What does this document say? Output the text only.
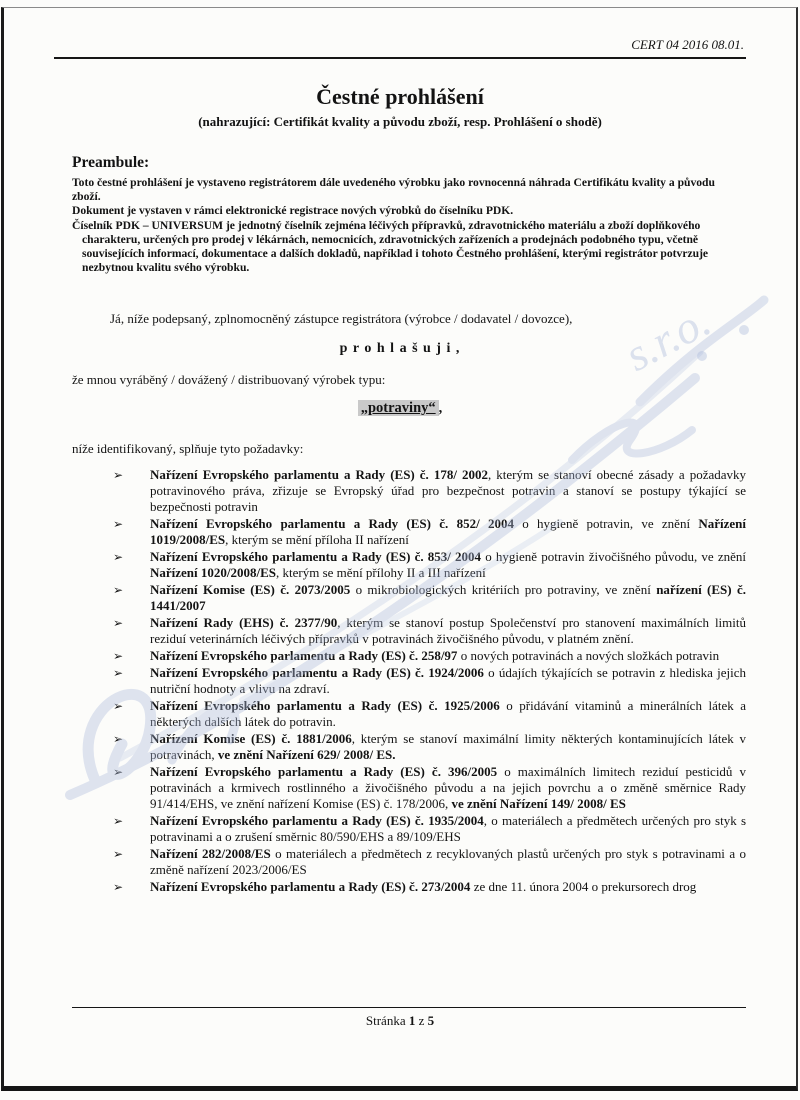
CERT 04 2016 08.01.
Čestné prohlášení
(nahrazující: Certifikát kvality a původu zboží, resp. Prohlášení o shodě)
Preambule:

Toto čestné prohlášení je vystaveno registrátorem dále uvedeného výrobku jako rovnocenná náhrada Certifikátu kvality a původu zboží.

Dokument je vystaven v rámci elektronické registrace nových výrobků do číselníku PDK.

Číselník PDK – UNIVERSUM je jednotný číselník zejména léčivých přípravků, zdravotnického materiálu a zboží doplňkového charakteru, určených pro prodej v lékárnách, nemocnicích, zdravotnických zařízeních a prodejnách podobného typu, včetně souvisejících informací, dokumentace a dalších dokladů, například i tohoto Čestného prohlášení, kterými registrátor potvrzuje nezbytnou kvalitu svého výrobku.

Já, níže podepsaný, zplnomocněný zástupce registrátora (výrobce / dodavatel / dovozce),
p r o h l a š u j i ,
že mnou vyráběný / dovážený / distribuovaný výrobek typu:
„potraviny“ ,
níže identifikovaný, splňuje tyto požadavky:
➢	Nařízení Evropského parlamentu a Rady (ES) č. 178/ 2002, kterým se stanoví obecné zásady a požadavky potravinového práva, zřizuje se Evropský úřad pro bezpečnost potravin a stanoví se postupy týkající se bezpečnosti potravin
➢	Nařízení Evropského parlamentu a Rady (ES) č. 852/ 2004 o hygieně potravin, ve znění Nařízení 1019/2008/ES, kterým se mění příloha II nařízení
➢	Nařízení Evropského parlamentu a Rady (ES) č. 853/ 2004 o hygieně potravin živočišného původu, ve znění Nařízení 1020/2008/ES, kterým se mění přílohy II a III nařízení
➢	Nařízení Komise (ES) č. 2073/2005 o mikrobiologických kritériích pro potraviny, ve znění nařízení (ES) č. 1441/2007
➢	Nařízení Rady (EHS) č. 2377/90, kterým se stanoví postup Společenství pro stanovení maximálních limitů reziduí veterinárních léčivých přípravků v potravinách živočišného původu, v platném znění.
➢	Nařízení Evropského parlamentu a Rady (ES) č. 258/97 o nových potravinách a nových složkách potravin
➢	Nařízení Evropského parlamentu a Rady (ES) č. 1924/2006 o údajích týkajících se potravin z hlediska jejich nutriční hodnoty a vlivu na zdraví.
➢	Nařízení Evropského parlamentu a Rady (ES) č. 1925/2006 o přidávání vitaminů a minerálních látek a některých dalších látek do potravin.
➢	Nařízení Komise (ES) č. 1881/2006, kterým se stanoví maximální limity některých kontaminujících látek v potravinách, ve znění Nařízení 629/ 2008/ ES.
➢	Nařízení Evropského parlamentu a Rady (ES) č. 396/2005 o maximálních limitech reziduí pesticidů v potravinách a krmivech rostlinného a živočišného původu a na jejich povrchu a o změně směrnice Rady 91/414/EHS, ve znění nařízení Komise (ES) č. 178/2006, ve znění Nařízení 149/ 2008/ ES
➢	Nařízení Evropského parlamentu a Rady (ES) č. 1935/2004, o materiálech a předmětech určených pro styk s potravinami a o zrušení směrnic 80/590/EHS a 89/109/EHS
➢	Nařízení 282/2008/ES o materiálech a předmětech z recyklovaných plastů určených pro styk s potravinami a o změně nařízení 2023/2006/ES
➢	Nařízení Evropského parlamentu a Rady (ES) č. 273/2004 ze dne 11. února 2004 o prekursorech drog
Stránka 1 z 5
s.r.o.
